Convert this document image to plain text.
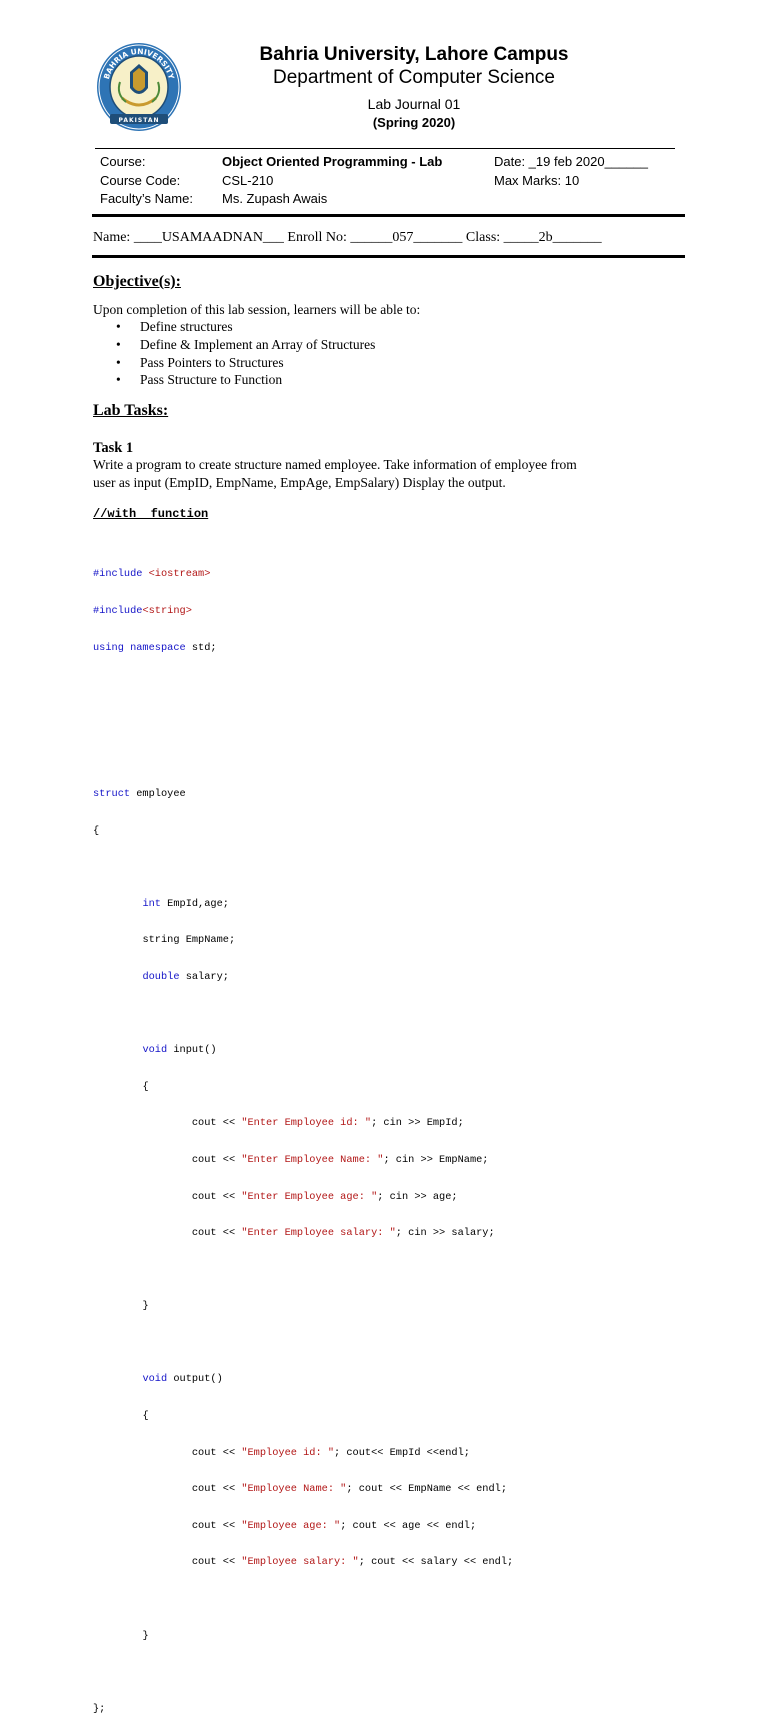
BAHRIA UNIVERSITY
PAKISTAN
Bahria University, Lahore Campus
Department of Computer Science
Lab Journal 01
(Spring 2020)
Course:	Object Oriented Programming - Lab	Date: _19 feb 2020______
Course Code:	CSL-210	Max Marks: 10
Faculty’s Name:	Ms. Zupash Awais
Name: ____USAMAADNAN___ Enroll No: ______057_______ Class: _____2b_______
Objective(s):
Upon completion of this lab session, learners will be able to:
• Define structures
• Define & Implement an Array of Structures
• Pass Pointers to Structures
• Pass Structure to Function
Lab Tasks:
Task 1
Write a program to create structure named employee. Take information of employee from
user as input (EmpID, EmpName, EmpAge, EmpSalary) Display the output.
//with  function

#include <iostream>

#include<string>

using namespace std;

struct employee

{

int EmpId,age;

string EmpName;

double salary;

void input()

{

cout << "Enter Employee id: "; cin >> EmpId;

cout << "Enter Employee Name: "; cin >> EmpName;

cout << "Enter Employee age: "; cin >> age;

cout << "Enter Employee salary: "; cin >> salary;

}

void output()

{

cout << "Employee id: "; cout<< EmpId <<endl;

cout << "Employee Name: "; cout << EmpName << endl;

cout << "Employee age: "; cout << age << endl;

cout << "Employee salary: "; cout << salary << endl;

}

};
